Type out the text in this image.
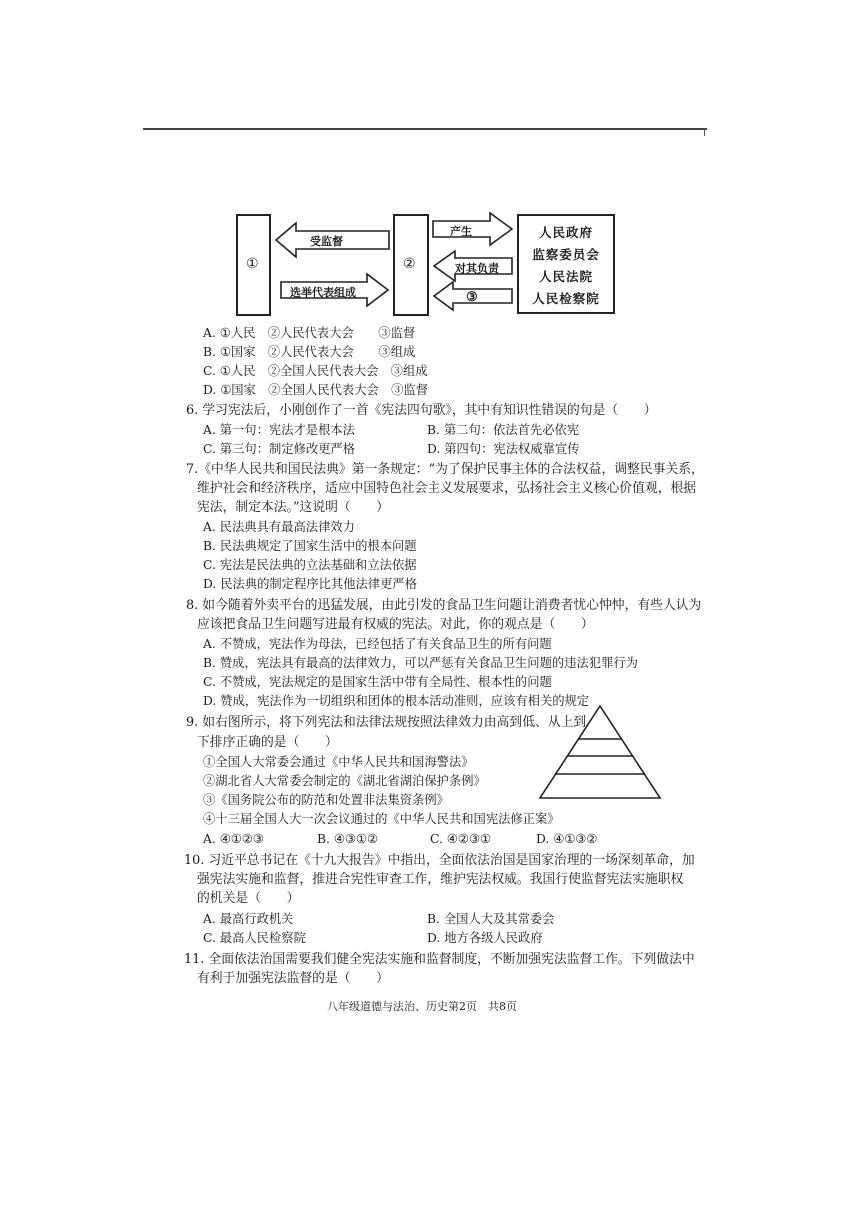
①	②
人民政府
监察委员会
人民法院
人民检察院
受监督
选举代表组成
产生
对其负责
③
A. ①人民　②人民代表大会　　③监督
B. ①国家　②人民代表大会　　③组成
C. ①人民　②全国人民代表大会　③组成
D. ①国家　②全国人民代表大会　③监督
6. 学习宪法后，小刚创作了一首《宪法四句歌》，其中有知识性错误的句是（　　）
A. 第一句：宪法才是根本法	B. 第二句：依法首先必依宪
C. 第三句：制定修改更严格	D. 第四句：宪法权威靠宣传
7.《中华人民共和国民法典》第一条规定：“为了保护民事主体的合法权益，调整民事关系，
维护社会和经济秩序，适应中国特色社会主义发展要求，弘扬社会主义核心价值观，根据
宪法，制定本法。”这说明（　　）
A. 民法典具有最高法律效力
B. 民法典规定了国家生活中的根本问题
C. 宪法是民法典的立法基础和立法依据
D. 民法典的制定程序比其他法律更严格
8. 如今随着外卖平台的迅猛发展，由此引发的食品卫生问题让消费者忧心忡忡，有些人认为
应该把食品卫生问题写进最有权威的宪法。对此，你的观点是（　　）
A. 不赞成，宪法作为母法，已经包括了有关食品卫生的所有问题
B. 赞成，宪法具有最高的法律效力，可以严惩有关食品卫生问题的违法犯罪行为
C. 不赞成，宪法规定的是国家生活中带有全局性、根本性的问题
D. 赞成，宪法作为一切组织和团体的根本活动准则，应该有相关的规定
9. 如右图所示，将下列宪法和法律法规按照法律效力由高到低、从上到
下排序正确的是（　　）
①全国人大常委会通过《中华人民共和国海警法》
②湖北省人大常委会制定的《湖北省湖泊保护条例》
③《国务院公布的防范和处置非法集资条例》
④十三届全国人大一次会议通过的《中华人民共和国宪法修正案》
A. ④①②③	B. ④③①②	C. ④②③①	D. ④①③②
10. 习近平总书记在《十九大报告》中指出，全面依法治国是国家治理的一场深刻革命，加
强宪法实施和监督，推进合宪性审查工作，维护宪法权威。我国行使监督宪法实施职权
的机关是（　　）
A. 最高行政机关	B. 全国人大及其常委会
C. 最高人民检察院	D. 地方各级人民政府
11. 全面依法治国需要我们健全宪法实施和监督制度，不断加强宪法监督工作。下列做法中
有利于加强宪法监督的是（　　）
八年级道德与法治、历史第2页　共8页
